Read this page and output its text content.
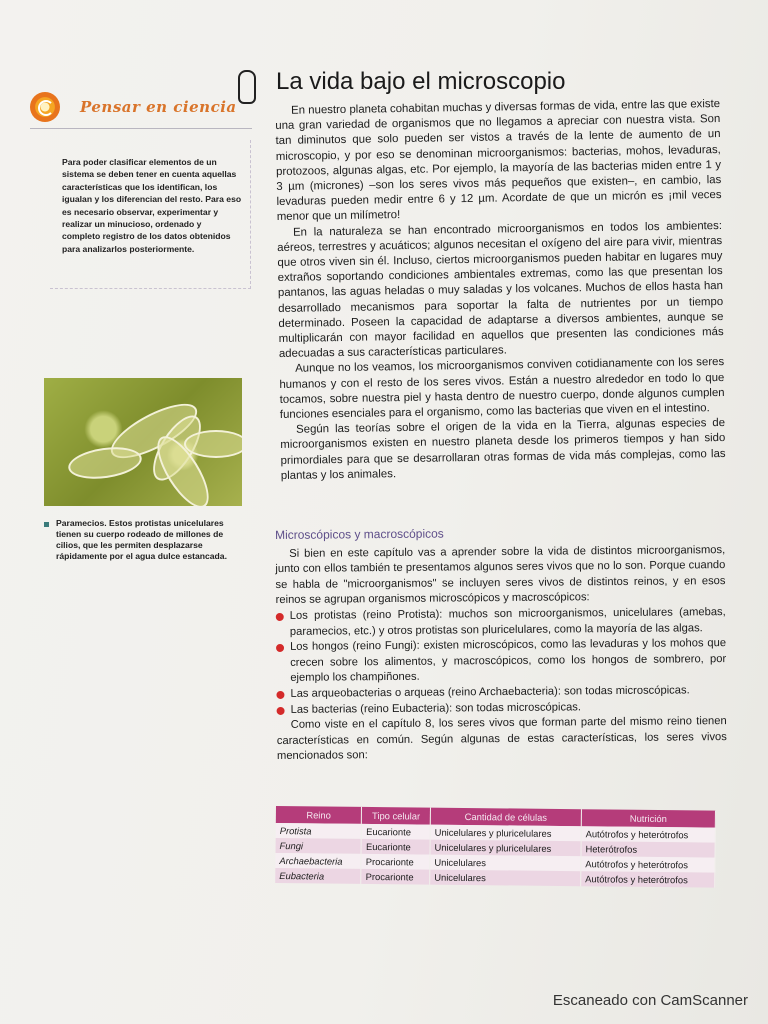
Pensar en ciencia
Para poder clasificar elementos de un sistema se deben tener en cuenta aquellas características que los identifican, los igualan y los diferencian del resto. Para eso es necesario observar, experimentar y realizar un minucioso, ordenado y completo registro de los datos obtenidos para analizarlos posteriormente.
La vida bajo el microscopio

En nuestro planeta cohabitan muchas y diversas formas de vida, entre las que existe una gran variedad de organismos que no llegamos a apreciar con nuestra vista. Son tan diminutos que solo pueden ser vistos a través de la lente de aumento de un microscopio, y por eso se denominan microorganismos: bacterias, mohos, levaduras, protozoos, algunas algas, etc. Por ejemplo, la mayoría de las bacterias miden entre 1 y 3 µm (micrones) –son los seres vivos más pequeños que existen–, en cambio, las levaduras pueden medir entre 6 y 12 µm. Acordate de que un micrón es ¡mil veces menor que un milímetro!

En la naturaleza se han encontrado microorganismos en todos los ambientes: aéreos, terrestres y acuáticos; algunos necesitan el oxígeno del aire para vivir, mientras que otros viven sin él. Incluso, ciertos microorganismos pueden habitar en lugares muy extraños soportando condiciones ambientales extremas, como las que presentan los pantanos, las aguas heladas o muy saladas y los volcanes. Muchos de ellos hasta han desarrollado mecanismos para soportar la falta de nutrientes por un tiempo determinado. Poseen la capacidad de adaptarse a diversos ambientes, aunque se multiplicarán con mayor facilidad en aquellos que presenten las condiciones más adecuadas a sus características particulares.

Aunque no los veamos, los microorganismos conviven cotidianamente con los seres humanos y con el resto de los seres vivos. Están a nuestro alrededor en todo lo que tocamos, sobre nuestra piel y hasta dentro de nuestro cuerpo, donde algunos cumplen funciones esenciales para el organismo, como las bacterias que viven en el intestino.

Según las teorías sobre el origen de la vida en la Tierra, algunas especies de microorganismos existen en nuestro planeta desde los primeros tiempos y han sido primordiales para que se desarrollaran otras formas de vida más complejas, como las plantas y los animales.

Paramecios. Estos protistas unicelulares tienen su cuerpo rodeado de millones de cilios, que les permiten desplazarse rápidamente por el agua dulce estancada.
Microscópicos y macroscópicos

Si bien en este capítulo vas a aprender sobre la vida de distintos microorganismos, junto con ellos también te presentamos algunos seres vivos que no lo son. Porque cuando se habla de "microorganismos" se incluyen seres vivos de distintos reinos, y en esos reinos se agrupan organismos microscópicos y macroscópicos:

Los protistas (reino Protista): muchos son microorganismos, unicelulares (amebas, paramecios, etc.) y otros protistas son pluricelulares, como la mayoría de las algas.
Los hongos (reino Fungi): existen microscópicos, como las levaduras y los mohos que crecen sobre los alimentos, y macroscópicos, como los hongos de sombrero, por ejemplo los champiñones.
Las arqueobacterias o arqueas (reino Archaebacteria): son todas microscópicas.
Las bacterias (reino Eubacteria): son todas microscópicas.

Como viste en el capítulo 8, los seres vivos que forman parte del mismo reino tienen características en común. Según algunas de estas características, los seres vivos mencionados son:

Reino	Tipo celular	Cantidad de células	Nutrición
Protista	Eucarionte	Unicelulares y pluricelulares	Autótrofos y heterótrofos
Fungi	Eucarionte	Unicelulares y pluricelulares	Heterótrofos
Archaebacteria	Procarionte	Unicelulares	Autótrofos y heterótrofos
Eubacteria	Procarionte	Unicelulares	Autótrofos y heterótrofos
Escaneado con CamScanner
